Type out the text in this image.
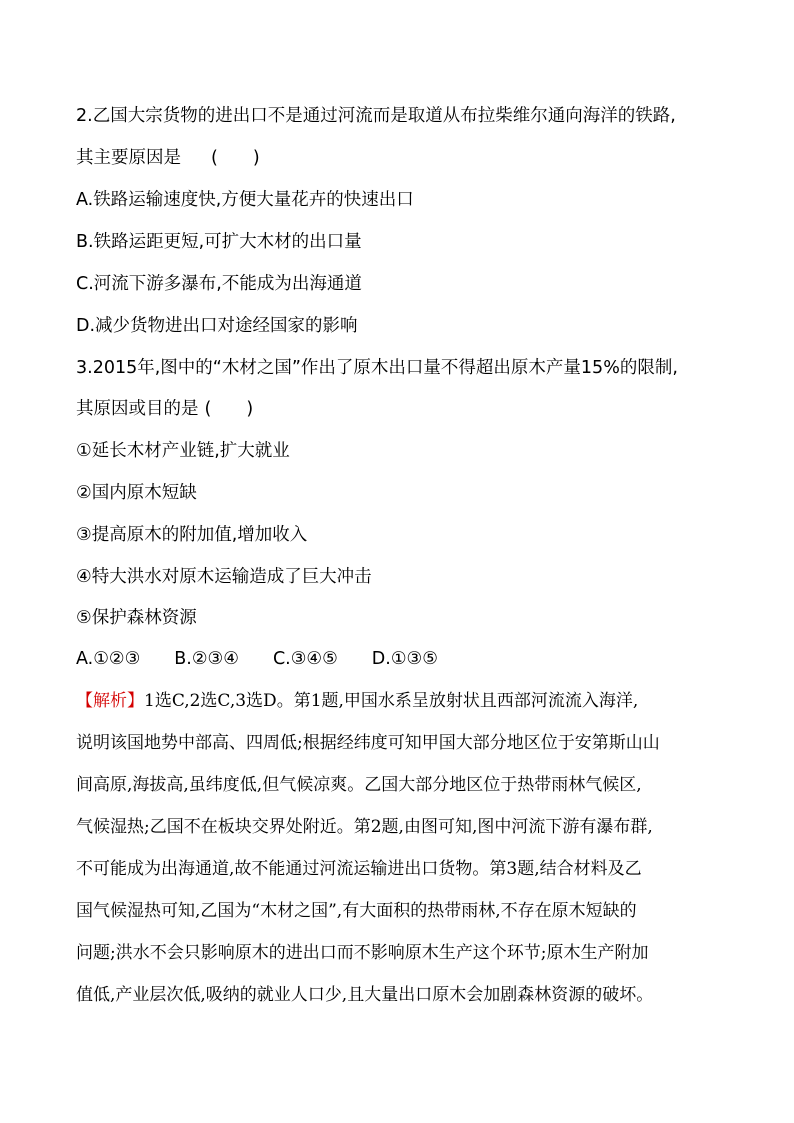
2.乙国大宗货物的进出口不是通过河流而是取道从布拉柴维尔通向海洋的铁路,
其主要原因是 (　　)
A.铁路运输速度快,方便大量花卉的快速出口
B.铁路运距更短,可扩大木材的出口量
C.河流下游多瀑布,不能成为出海通道
D.减少货物进出口对途经国家的影响
3.2015年,图中的“木材之国”作出了原木出口量不得超出原木产量15%的限制,
其原因或目的是 (　　)
①延长木材产业链,扩大就业
②国内原木短缺
③提高原木的附加值,增加收入
④特大洪水对原木运输造成了巨大冲击
⑤保护森林资源
A.①②③ B.②③④ C.③④⑤ D.①③⑤
【解析】1选C,2选C,3选D。第1题,甲国水系呈放射状且西部河流流入海洋,
说明该国地势中部高、四周低;根据经纬度可知甲国大部分地区位于安第斯山山
间高原,海拔高,虽纬度低,但气候凉爽。乙国大部分地区位于热带雨林气候区,
气候湿热;乙国不在板块交界处附近。第2题,由图可知,图中河流下游有瀑布群,
不可能成为出海通道,故不能通过河流运输进出口货物。第3题,结合材料及乙
国气候湿热可知,乙国为“木材之国”,有大面积的热带雨林,不存在原木短缺的
问题;洪水不会只影响原木的进出口而不影响原木生产这个环节;原木生产附加
值低,产业层次低,吸纳的就业人口少,且大量出口原木会加剧森林资源的破坏。
